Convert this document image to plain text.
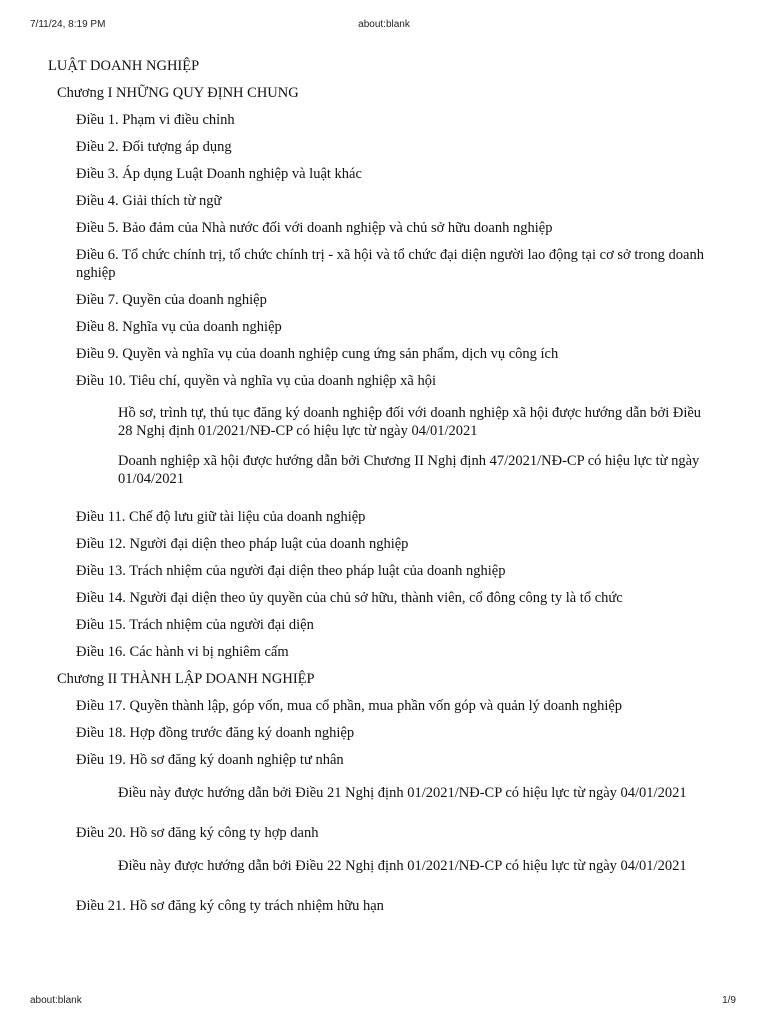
7/11/24, 8:19 PM	about:blank
LUẬT DOANH NGHIỆP
Chương I NHỮNG QUY ĐỊNH CHUNG
Điều 1. Phạm vi điều chỉnh
Điều 2. Đối tượng áp dụng
Điều 3. Áp dụng Luật Doanh nghiệp và luật khác
Điều 4. Giải thích từ ngữ
Điều 5. Bảo đảm của Nhà nước đối với doanh nghiệp và chủ sở hữu doanh nghiệp
Điều 6. Tổ chức chính trị, tổ chức chính trị - xã hội và tổ chức đại diện người lao động tại cơ sở trong doanh nghiệp
Điều 7. Quyền của doanh nghiệp
Điều 8. Nghĩa vụ của doanh nghiệp
Điều 9. Quyền và nghĩa vụ của doanh nghiệp cung ứng sản phẩm, dịch vụ công ích
Điều 10. Tiêu chí, quyền và nghĩa vụ của doanh nghiệp xã hội
Hồ sơ, trình tự, thủ tục đăng ký doanh nghiệp đối với doanh nghiệp xã hội được hướng dẫn bởi Điều 28 Nghị định 01/2021/NĐ-CP có hiệu lực từ ngày 04/01/2021
Doanh nghiệp xã hội được hướng dẫn bởi Chương II Nghị định 47/2021/NĐ-CP có hiệu lực từ ngày 01/04/2021
Điều 11. Chế độ lưu giữ tài liệu của doanh nghiệp
Điều 12. Người đại diện theo pháp luật của doanh nghiệp
Điều 13. Trách nhiệm của người đại diện theo pháp luật của doanh nghiệp
Điều 14. Người đại diện theo ủy quyền của chủ sở hữu, thành viên, cổ đông công ty là tổ chức
Điều 15. Trách nhiệm của người đại diện
Điều 16. Các hành vi bị nghiêm cấm
Chương II THÀNH LẬP DOANH NGHIỆP
Điều 17. Quyền thành lập, góp vốn, mua cổ phần, mua phần vốn góp và quản lý doanh nghiệp
Điều 18. Hợp đồng trước đăng ký doanh nghiệp
Điều 19. Hồ sơ đăng ký doanh nghiệp tư nhân
Điều này được hướng dẫn bởi Điều 21 Nghị định 01/2021/NĐ-CP có hiệu lực từ ngày 04/01/2021
Điều 20. Hồ sơ đăng ký công ty hợp danh
Điều này được hướng dẫn bởi Điều 22 Nghị định 01/2021/NĐ-CP có hiệu lực từ ngày 04/01/2021
Điều 21. Hồ sơ đăng ký công ty trách nhiệm hữu hạn
about:blank	1/9
